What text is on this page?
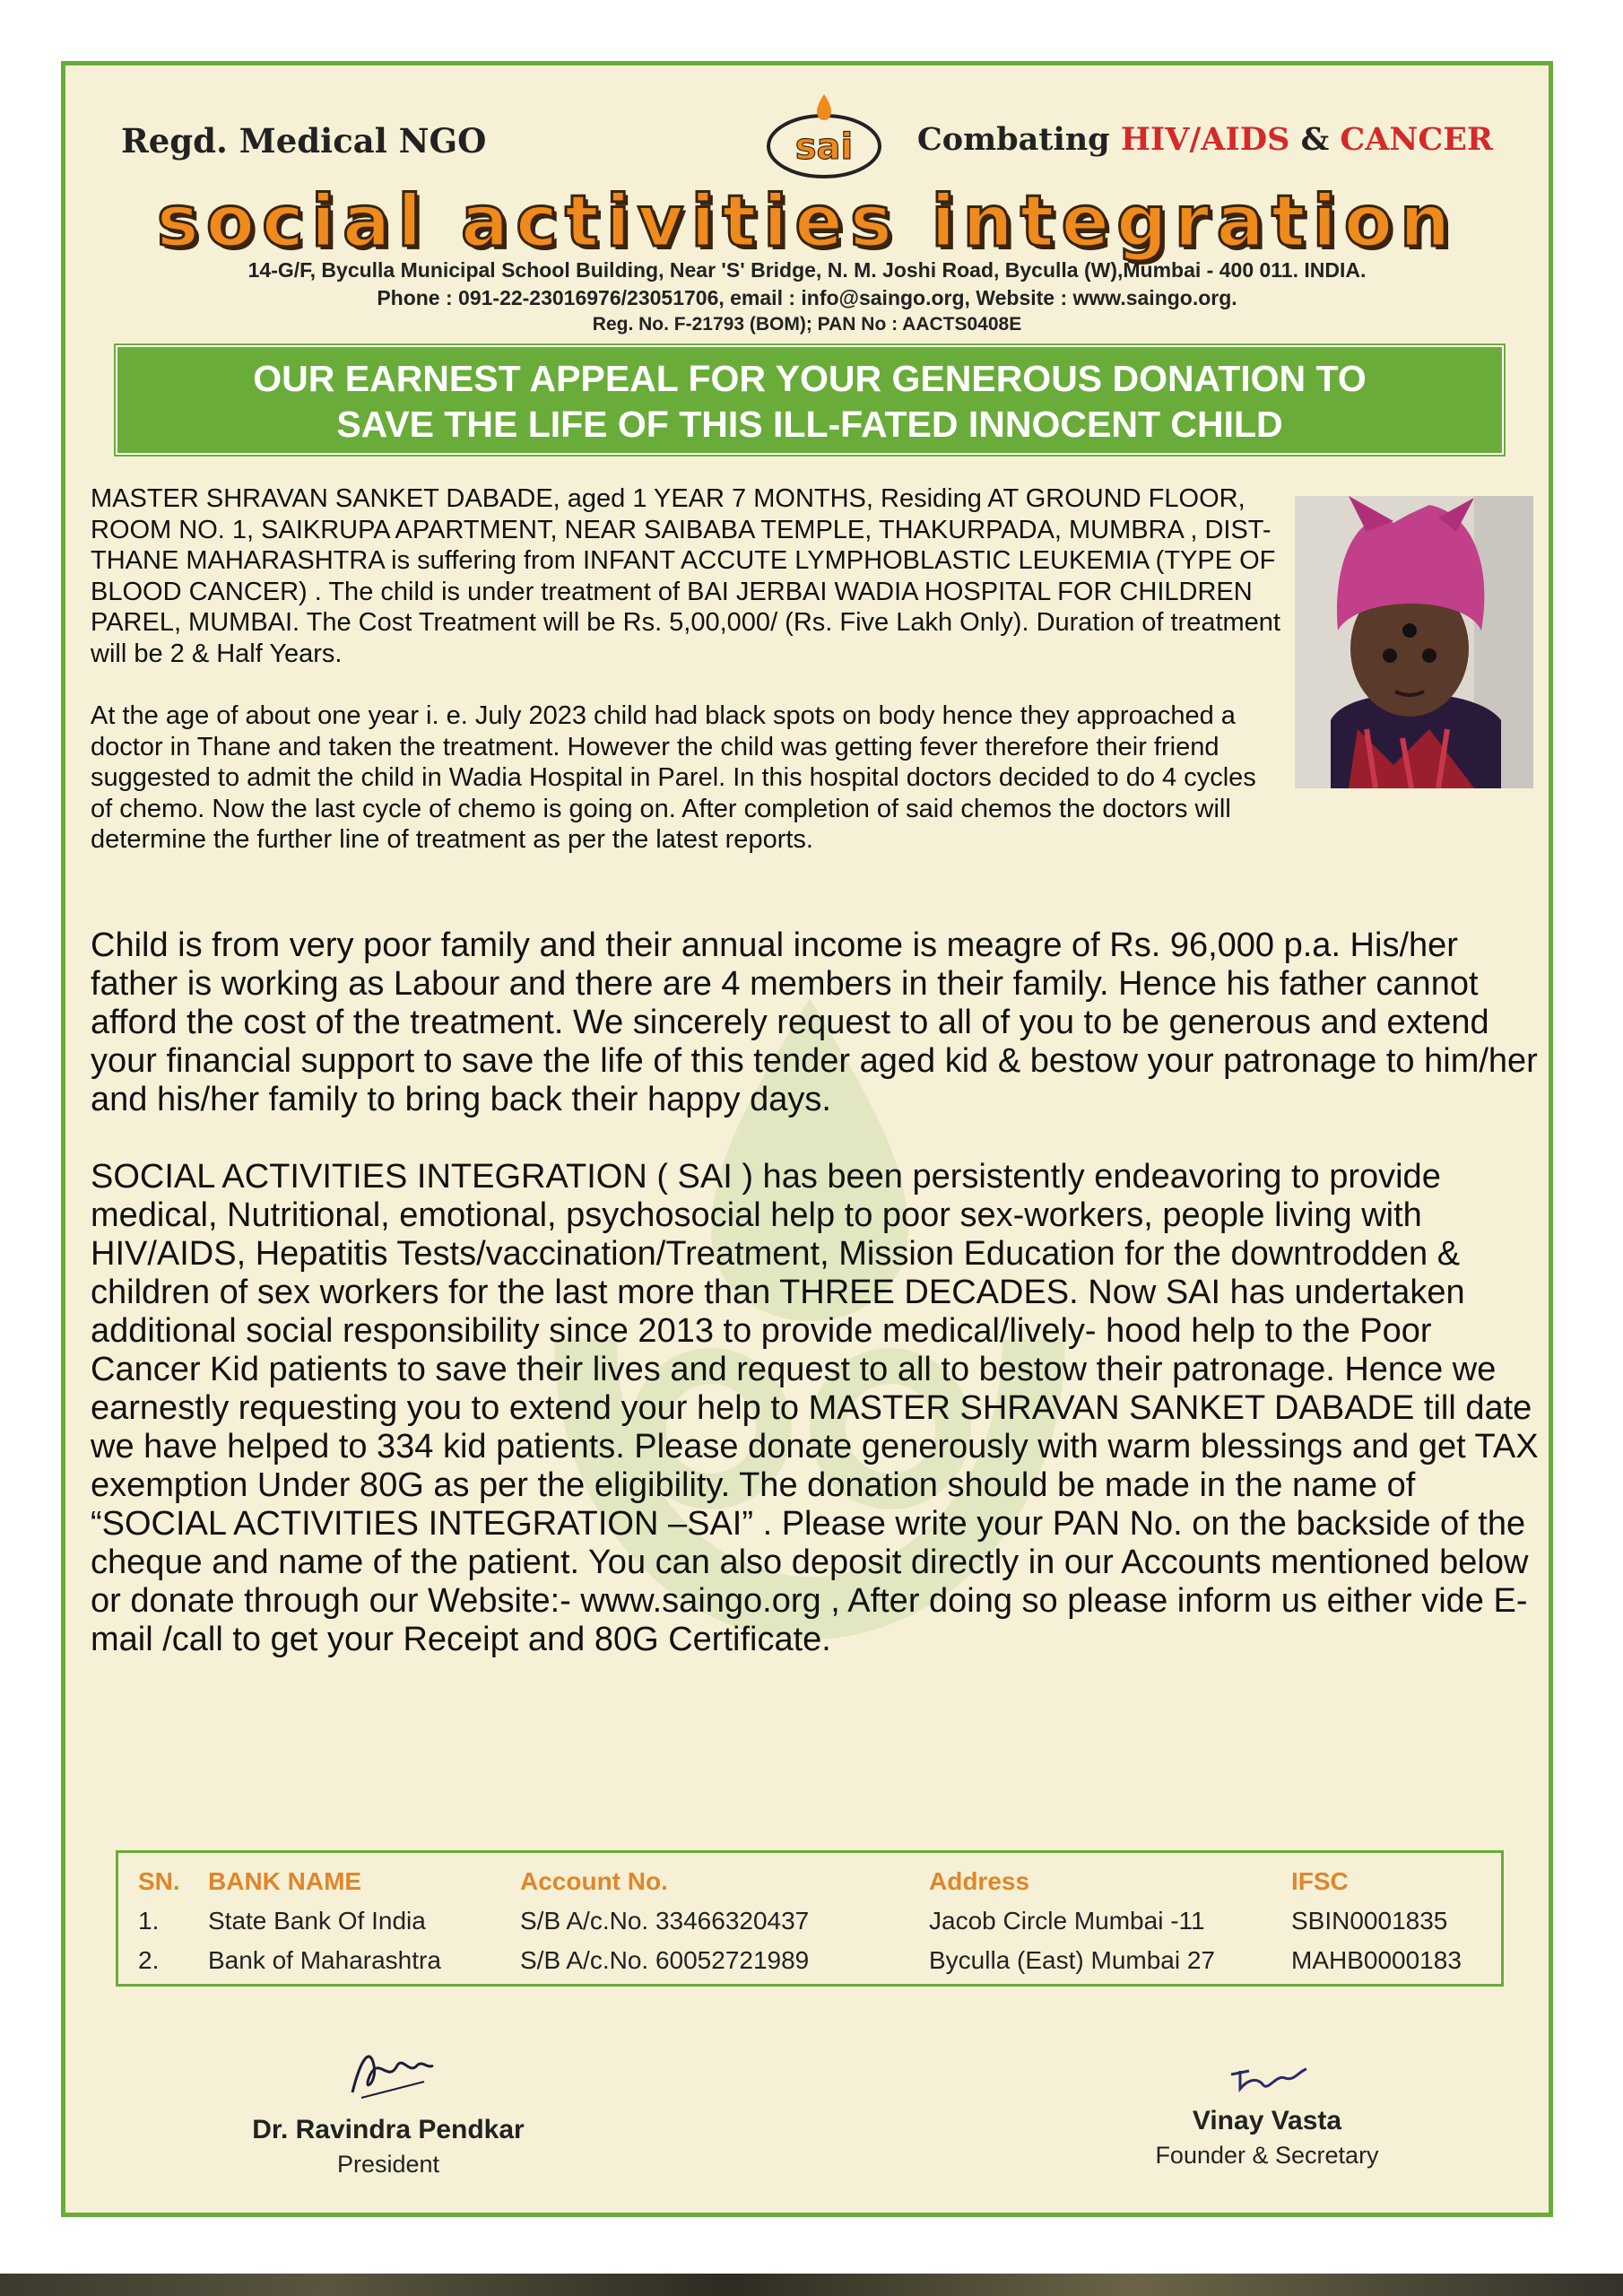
Regd. Medical NGO	sai Combating HIV/AIDS & CANCER
social activities integration
14-G/F, Byculla Municipal School Building, Near 'S' Bridge, N. M. Joshi Road, Byculla (W),Mumbai - 400 011. INDIA.
Phone : 091-22-23016976/23051706, email : info@saingo.org, Website : www.saingo.org.
Reg. No. F-21793 (BOM); PAN No : AACTS0408E
OUR EARNEST APPEAL FOR YOUR GENEROUS DONATION TO
SAVE THE LIFE OF THIS ILL-FATED INNOCENT CHILD

MASTER SHRAVAN SANKET DABADE, aged 1 YEAR 7 MONTHS, Residing AT GROUND FLOOR, ROOM NO. 1, SAIKRUPA APARTMENT, NEAR SAIBABA TEMPLE, THAKURPADA, MUMBRA , DIST- THANE MAHARASHTRA is suffering from INFANT ACCUTE LYMPHOBLASTIC LEUKEMIA (TYPE OF BLOOD CANCER) . The child is under treatment of BAI JERBAI WADIA HOSPITAL FOR CHILDREN PAREL, MUMBAI. The Cost Treatment will be Rs. 5,00,000/ (Rs. Five Lakh Only). Duration of treatment will be 2 & Half Years.

At the age of about one year i. e. July 2023 child had black spots on body hence they approached a doctor in Thane and taken the treatment. However the child was getting fever therefore their friend suggested to admit the child in Wadia Hospital in Parel. In this hospital doctors decided to do 4 cycles of chemo. Now the last cycle of chemo is going on. After completion of said chemos the doctors will determine the further line of treatment as per the latest reports.

Child is from very poor family and their annual income is meagre of Rs. 96,000 p.a. His/her father is working as Labour and there are 4 members in their family. Hence his father cannot afford the cost of the treatment. We sincerely request to all of you to be generous and extend your financial support to save the life of this tender aged kid & bestow your patronage to him/her and his/her family to bring back their happy days.

SOCIAL ACTIVITIES INTEGRATION ( SAI ) has been persistently endeavoring to provide medical, Nutritional, emotional, psychosocial help to poor sex-workers, people living with HIV/AIDS, Hepatitis Tests/vaccination/Treatment, Mission Education for the downtrodden & children of sex workers for the last more than THREE DECADES. Now SAI has undertaken additional social responsibility since 2013 to provide medical/lively- hood help to the Poor Cancer Kid patients to save their lives and request to all to bestow their patronage. Hence we earnestly requesting you to extend your help to MASTER SHRAVAN SANKET DABADE till date we have helped to 334 kid patients. Please donate generously with warm blessings and get TAX exemption Under 80G as per the eligibility. The donation should be made in the name of “SOCIAL ACTIVITIES INTEGRATION –SAI” . Please write your PAN No. on the backside of the cheque and name of the patient. You can also deposit directly in our Accounts mentioned below or donate through our Website:- www.saingo.org , After doing so please inform us either vide E-mail /call to get your Receipt and 80G Certificate.

SN.	BANK NAME	Account No.	Address	IFSC
1.	State Bank Of India	S/B A/c.No. 33466320437	Jacob Circle Mumbai -11	SBIN0001835
2.	Bank of Maharashtra	S/B A/c.No. 60052721989	Byculla (East) Mumbai 27	MAHB0000183
Dr. Ravindra Pendkar
President
Vinay Vasta
Founder & Secretary
